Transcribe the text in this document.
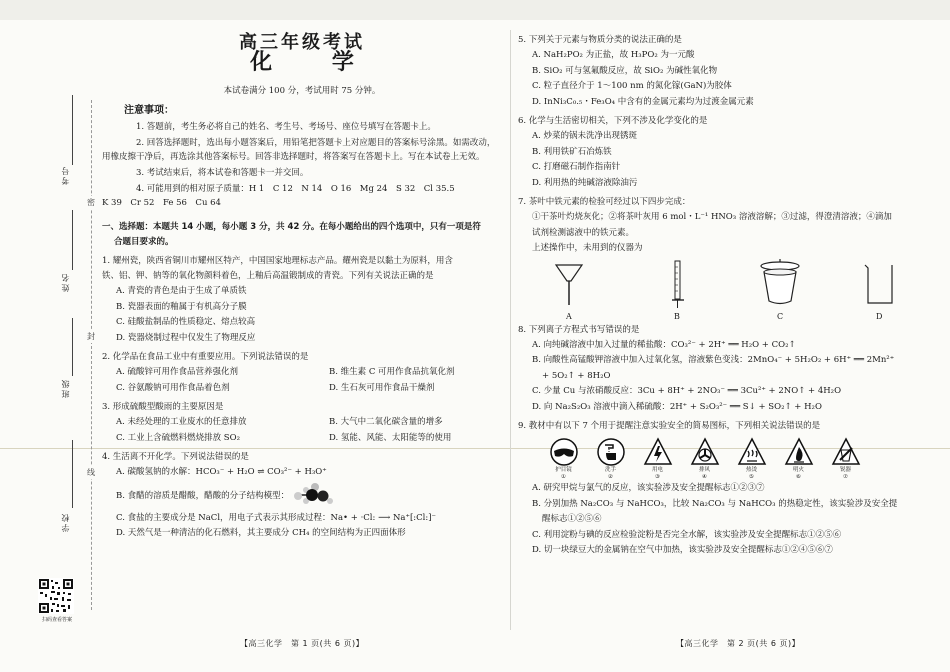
考号
姓名
班级
学校
密
封
线
扫码查看答案
高三年级考试
化 学
本试卷满分 100 分，考试用时 75 分钟。
注意事项：

1. 答题前，考生务必将自己的姓名、考生号、考场号、座位号填写在答题卡上。

2. 回答选择题时，选出每小题答案后，用铅笔把答题卡上对应题目的答案标号涂黑。如需改动，用橡皮擦干净后，再选涂其他答案标号。回答非选择题时，将答案写在答题卡上。写在本试卷上无效。

3. 考试结束后，将本试卷和答题卡一并交回。

4. 可能用到的相对原子质量：H 1　C 12　N 14　O 16　Mg 24　S 32　Cl 35.5

K 39　Cr 52　Fe 56　Cu 64

一、选择题：本题共 14 小题，每小题 3 分，共 42 分。在每小题给出的四个选项中，只有一项是符
合题目要求的。
1. 耀州瓷，陕西省铜川市耀州区特产，中国国家地理标志产品。耀州瓷是以黏土为原料，用含
铁、铝、钾、钠等的氧化物颜料着色，上釉后高温锻制成的青瓷。下列有关说法正确的是
A. 青瓷的青色是由于生成了单质铁
B. 瓷器表面的釉属于有机高分子膜
C. 硅酸盐制品的性质稳定、熔点较高
D. 瓷器烧制过程中仅发生了物理反应
2. 化学品在食品工业中有重要应用。下列说法错误的是
A. 硫酸锌可用作食品营养强化剂	B. 维生素 C 可用作食品抗氧化剂
C. 谷氨酸钠可用作食品着色剂	D. 生石灰可用作食品干燥剂
3. 形成硫酸型酸雨的主要原因是
A. 未经处理的工业废水的任意排放	B. 大气中二氧化碳含量的增多
C. 工业上含硫燃料燃烧排放 SO₂	D. 氢能、风能、太阳能等的使用
4. 生活离不开化学。下列说法错误的是
A. 碳酸氢钠的水解：HCO₃⁻ + H₂O ⇌ CO₃²⁻ + H₃O⁺
B. 食醋的溶质是醋酸，醋酸的分子结构模型：
C. 食盐的主要成分是 NaCl，用电子式表示其形成过程：Na• + ·Cl: ⟶ Na⁺[:Cl:]⁻
D. 天然气是一种清洁的化石燃料，其主要成分 CH₄ 的空间结构为正四面体形
5. 下列关于元素与物质分类的说法正确的是
A. NaH₂PO₂ 为正盐，故 H₃PO₂ 为一元酸
B. SiO₂ 可与氢氟酸反应，故 SiO₂ 为碱性氧化物
C. 粒子直径介于 1～100 nm 的氮化镓(GaN)为胶体
D. InNi₃C₀.₅・Fe₃O₄ 中含有的金属元素均为过渡金属元素
6. 化学与生活密切相关，下列不涉及化学变化的是
A. 炒菜的锅未洗净出现锈斑
B. 利用铁矿石冶炼铁
C. 打磨磁石制作指南针
D. 利用热的纯碱溶液除油污
7. 茶叶中铁元素的检验可经过以下四步完成：
①干茶叶灼烧灰化；②将茶叶灰用 6 mol・L⁻¹ HNO₃ 溶液溶解；③过滤，得澄清溶液；④滴加
试剂检测滤液中的铁元素。
上述操作中，未用到的仪器为
A	B	C	D
8. 下列离子方程式书写错误的是
A. 向纯碱溶液中加入过量的稀盐酸：CO₃²⁻ + 2H⁺ ══ H₂O + CO₂↑
B. 向酸性高锰酸钾溶液中加入过氧化氢，溶液紫色变浅：2MnO₄⁻ + 5H₂O₂ + 6H⁺ ══ 2Mn²⁺
+ 5O₂↑ + 8H₂O
C. 少量 Cu 与浓硝酸反应：3Cu + 8H⁺ + 2NO₃⁻ ══ 3Cu²⁺ + 2NO↑ + 4H₂O
D. 向 Na₂S₂O₃ 溶液中滴入稀硫酸：2H⁺ + S₂O₃²⁻ ══ S↓ + SO₂↑ + H₂O
9. 教材中有以下 7 个用于提醒注意实验安全的简易图标，下列相关说法错误的是
护目镜
①
洗手
②
用电
③
排风
④
热烫
⑤
明火
⑥
锐器
⑦
A. 研究甲烷与氯气的反应，该实验涉及安全提醒标志①②③⑦
B. 分别加热 Na₂CO₃ 与 NaHCO₃，比较 Na₂CO₃ 与 NaHCO₃ 的热稳定性，该实验涉及安全提
醒标志①②⑤⑥
C. 利用淀粉与碘的反应检验淀粉是否完全水解，该实验涉及安全提醒标志①②⑤⑥
D. 切一块绿豆大的金属钠在空气中加热，该实验涉及安全提醒标志①②④⑤⑥⑦
【高三化学　第 1 页(共 6 页)】	【高三化学　第 2 页(共 6 页)】
